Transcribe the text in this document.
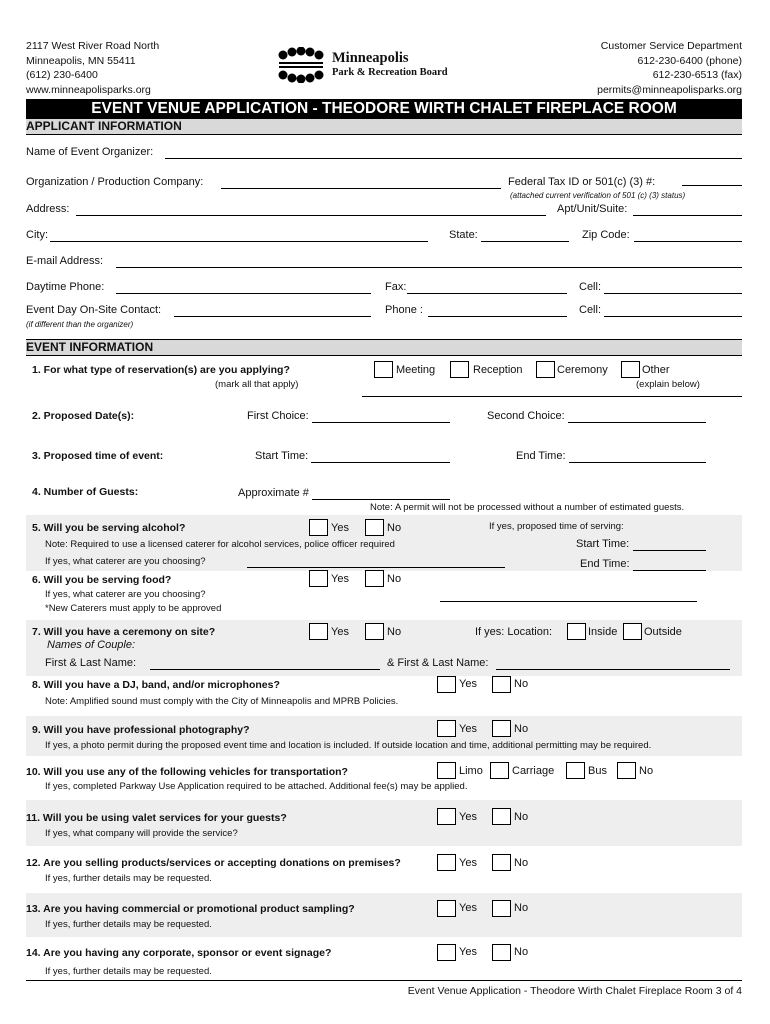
2117 West River Road North
Minneapolis, MN 55411
(612) 230-6400
www.minneapolisparks.org
Minneapolis
Park & Recreation Board
Customer Service Department
612-230-6400 (phone)
612-230-6513 (fax)
permits@minneapolisparks.org
EVENT VENUE APPLICATION - THEODORE WIRTH CHALET FIREPLACE ROOM
APPLICANT INFORMATION
Name of Event Organizer:
Organization / Production Company:	Federal Tax ID or 501(c) (3) #:
(attached current verification of 501 (c) (3) status)
Address:	Apt/Unit/Suite:
City:	State:	Zip Code:
E-mail Address:
Daytime Phone:	Fax:	Cell:
Event Day On-Site Contact:
(if different than the organizer)
Phone :	Cell:
EVENT INFORMATION
1. For what type of reservation(s) are you applying?
(mark all that apply)
Meeting	Reception	Ceremony	Other
(explain below)
2. Proposed Date(s):	First Choice:	Second Choice:
3. Proposed time of event:	Start Time:	End Time:
4. Number of Guests:	Approximate #
Note: A permit will not be processed without a number of estimated guests.
5. Will you be serving alcohol?	Yes	No	If yes, proposed time of serving:
Note: Required to use a licensed caterer for alcohol services, police officer required	Start Time:
If yes, what caterer are you choosing?	End Time:
6. Will you be serving food?	Yes	No
If yes, what caterer are you choosing?
*New Caterers must apply to be approved
7. Will you have a ceremony on site?	Yes	No	If yes: Location:	Inside Outside
Names of Couple:
First & Last Name:	& First & Last Name:
8. Will you have a DJ, band, and/or microphones?	Yes	No
Note: Amplified sound must comply with the City of Minneapolis and MPRB Policies.
9. Will you have professional photography?	Yes	No
If yes, a photo permit during the proposed event time and location is included. If outside location and time, additional permitting may be required.
10. Will you use any of the following vehicles for transportation?	Limo	Carriage	Bus	No
If yes, completed Parkway Use Application required to be attached. Additional fee(s) may be applied.
11. Will you be using valet services for your guests?	Yes	No
If yes, what company will provide the service?
12. Are you selling products/services or accepting donations on premises?	Yes	No
If yes, further details may be requested.
13. Are you having commercial or promotional product sampling?	Yes	No
If yes, further details may be requested.
14. Are you having any corporate, sponsor or event signage?	Yes	No
If yes, further details may be requested.
Event Venue Application - Theodore Wirth Chalet Fireplace Room 3 of 4
